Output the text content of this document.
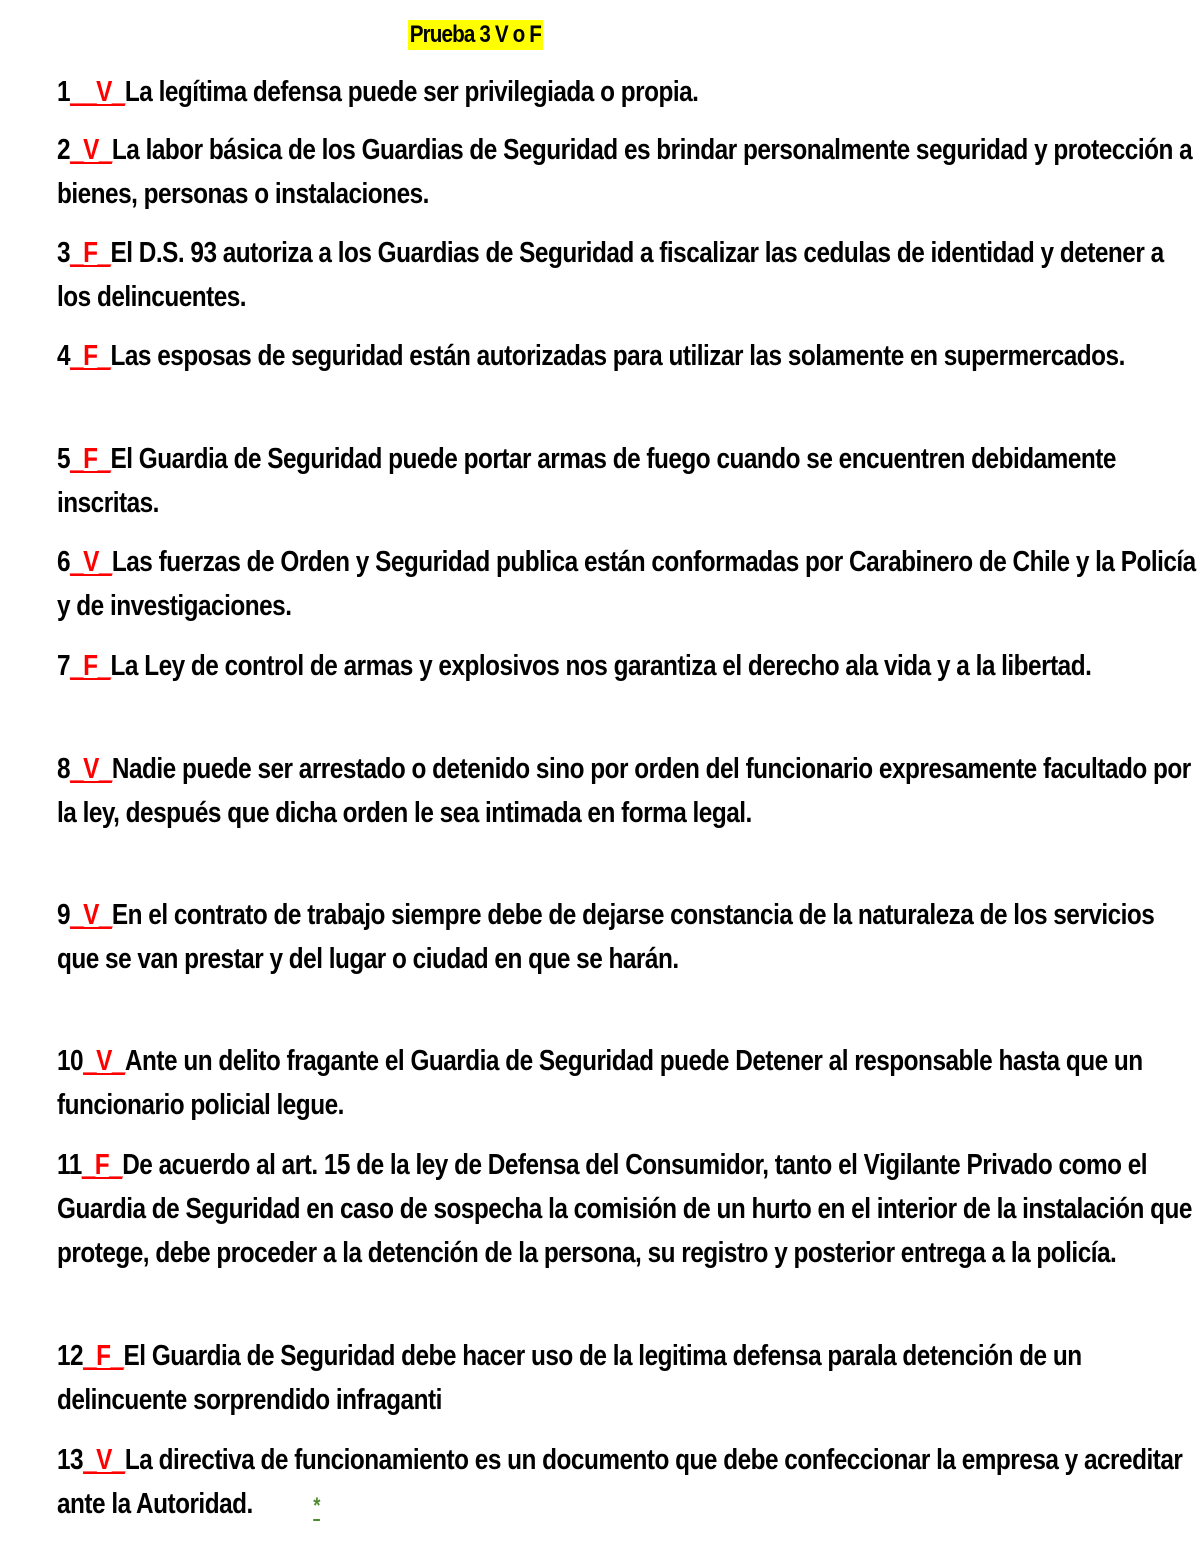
Prueba 3 V o F
1__V_La legítima defensa puede ser privilegiada o propia.
2_V_La labor básica de los Guardias de Seguridad es brindar personalmente seguridad y protección a bienes, personas o instalaciones.
3_F_El D.S. 93 autoriza a los Guardias de Seguridad a fiscalizar las cedulas de identidad y detener a los delincuentes.
4_F_Las esposas de seguridad están autorizadas para utilizar las solamente en supermercados.
5_F_El Guardia de Seguridad puede portar armas de fuego cuando se encuentren debidamente inscritas.
6_V_Las fuerzas de Orden y Seguridad publica están conformadas por Carabinero de Chile y la Policía y de investigaciones.
7_F_La Ley de control de armas y explosivos nos garantiza el derecho ala vida y a la libertad.
8_V_Nadie puede ser arrestado o detenido sino por orden del funcionario expresamente facultado por la ley, después que dicha orden le sea intimada en forma legal.
9_V_En el contrato de trabajo siempre debe de dejarse constancia de la naturaleza de los servicios que se van prestar y del lugar o ciudad en que se harán.
10_V_Ante un delito fragante el Guardia de Seguridad puede Detener al responsable hasta que un funcionario policial legue.
11_F_De acuerdo al art. 15 de la ley de Defensa del Consumidor, tanto el Vigilante Privado como el Guardia de Seguridad en caso de sospecha la comisión de un hurto en el interior de la instalación que protege, debe proceder a la detención de la persona, su registro y posterior entrega a la policía.
12_F_El Guardia de Seguridad debe hacer uso de la legitima defensa parala detención de un delincuente sorprendido infraganti
13_V_La directiva de funcionamiento es un documento que debe confeccionar la empresa y acreditar ante la Autoridad.	*
